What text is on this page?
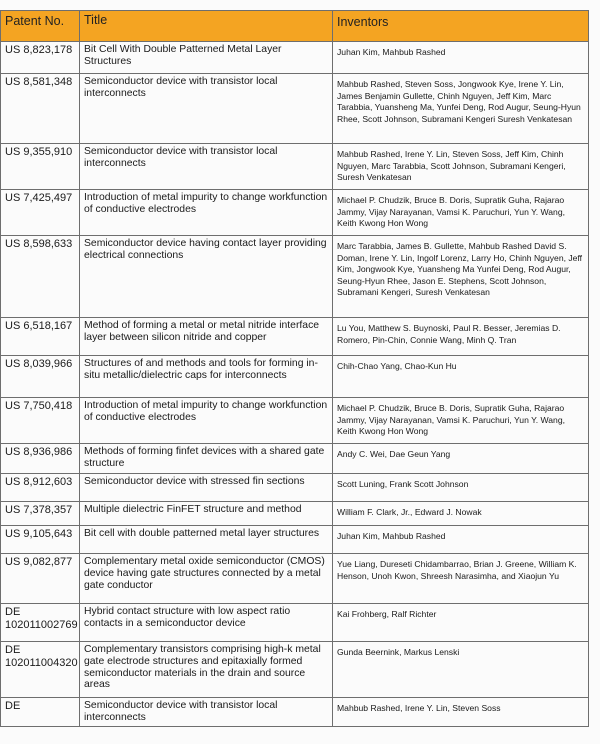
Patent No.	Title	Inventors
US 8,823,178	Bit Cell With Double Patterned Metal Layer Structures	Juhan Kim, Mahbub Rashed
US 8,581,348	Semiconductor device with transistor local interconnects	Mahbub Rashed, Steven Soss, Jongwook Kye, Irene Y. Lin, James Benjamin Gullette, Chinh Nguyen, Jeff Kim, Marc Tarabbia, Yuansheng Ma, Yunfei Deng, Rod Augur, Seung-Hyun Rhee, Scott Johnson, Subramani Kengeri Suresh Venkatesan
US 9,355,910	Semiconductor device with transistor local interconnects	Mahbub Rashed, Irene Y. Lin, Steven Soss, Jeff Kim, Chinh Nguyen, Marc Tarabbia, Scott Johnson, Subramani Kengeri, Suresh Venkatesan
US 7,425,497	Introduction of metal impurity to change workfunction of conductive electrodes	Michael P. Chudzik, Bruce B. Doris, Supratik Guha, Rajarao Jammy, Vijay Narayanan, Vamsi K. Paruchuri, Yun Y. Wang, Keith Kwong Hon Wong
US 8,598,633	Semiconductor device having contact layer providing electrical connections	Marc Tarabbia, James B. Gullette, Mahbub Rashed David S. Doman, Irene Y. Lin, Ingolf Lorenz, Larry Ho, Chinh Nguyen, Jeff Kim, Jongwook Kye, Yuansheng Ma Yunfei Deng, Rod Augur, Seung-Hyun Rhee, Jason E. Stephens, Scott Johnson, Subramani Kengeri, Suresh Venkatesan
US 6,518,167	Method of forming a metal or metal nitride interface layer between silicon nitride and copper	Lu You, Matthew S. Buynoski, Paul R. Besser, Jeremias D. Romero, Pin-Chin, Connie Wang, Minh Q. Tran
US 8,039,966	Structures of and methods and tools for forming in-situ metallic/dielectric caps for interconnects	Chih-Chao Yang, Chao-Kun Hu
US 7,750,418	Introduction of metal impurity to change workfunction of conductive electrodes	Michael P. Chudzik, Bruce B. Doris, Supratik Guha, Rajarao Jammy, Vijay Narayanan, Vamsi K. Paruchuri, Yun Y. Wang, Keith Kwong Hon Wong
US 8,936,986	Methods of forming finfet devices with a shared gate structure	Andy C. Wei, Dae Geun Yang
US 8,912,603	Semiconductor device with stressed fin sections	Scott Luning, Frank Scott Johnson
US 7,378,357	Multiple dielectric FinFET structure and method	William F. Clark, Jr., Edward J. Nowak
US 9,105,643	Bit cell with double patterned metal layer structures	Juhan Kim, Mahbub Rashed
US 9,082,877	Complementary metal oxide semiconductor (CMOS) device having gate structures connected by a metal gate conductor	Yue Liang, Dureseti Chidambarrao, Brian J. Greene, William K. Henson, Unoh Kwon, Shreesh Narasimha, and Xiaojun Yu
DE 102011002769	Hybrid contact structure with low aspect ratio contacts in a semiconductor device	Kai Frohberg, Ralf Richter
DE 102011004320	Complementary transistors comprising high-k metal gate electrode structures and epitaxially formed semiconductor materials in the drain and source areas	Gunda Beernink, Markus Lenski
DE	Semiconductor device with transistor local interconnects	Mahbub Rashed, Irene Y. Lin, Steven Soss
